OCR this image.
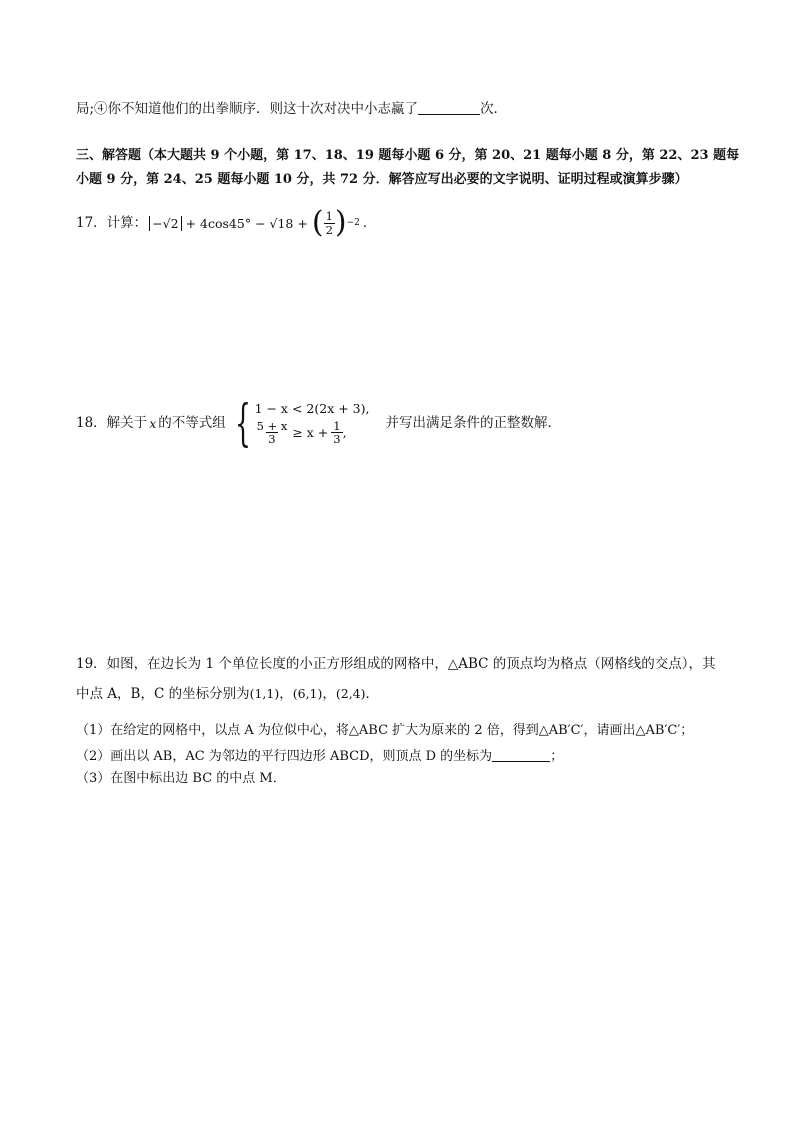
局;④你不知道他们的出拳顺序．则这十次对决中小志赢了	次．
三、解答题（本大题共 9 个小题，第 17、18、19 题每小题 6 分，第 20、21 题每小题 8 分，第 22、23 题每
小题 9 分，第 24、25 题每小题 10 分，共 72 分．解答应写出必要的文字说明、证明过程或演算步骤）
17．计算： −√2 + 4cos45° − √18 + ( $\frac{1}{2}$ ) −2 ．
18．解关于 x 的不等式组 { 1 − x < 2(2x + 3),
$\frac{5 + x}{3} \ge x + \frac{1}{3}$ ,
并写出满足条件的正整数解．
19．如图，在边长为 1 个单位长度的小正方形组成的网格中，△ABC 的顶点均为格点（网格线的交点），其
中点 A，B，C 的坐标分别为(1,1)，(6,1)，(2,4)．
（1）在给定的网格中，以点 A 为位似中心，将△ABC 扩大为原来的 2 倍，得到△AB′C′，请画出△AB′C′；
（2）画出以 AB，AC 为邻边的平行四边形 ABCD，则顶点 D 的坐标为	；
（3）在图中标出边 BC 的中点 M．
